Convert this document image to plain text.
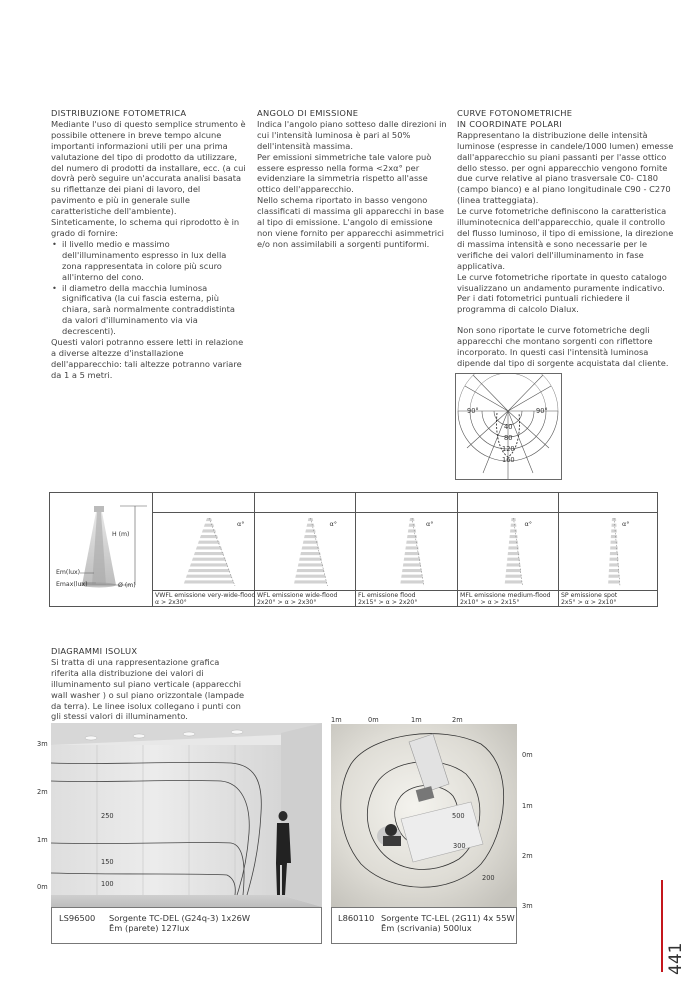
DISTRIBUZIONE FOTOMETRICA

Mediante l'uso di questo semplice strumento è possibile ottenere in breve tempo alcune importanti informazioni utili per una prima valutazione del tipo di prodotto da utilizzare, del numero di prodotti da installare, ecc. (a cui dovrà però seguire un'accurata analisi basata su riflettanze dei piani di lavoro, del pavimento e più in generale sulle caratteristiche dell'ambiente).

Sinteticamente, lo schema qui riprodotto è in grado di fornire:

• il livello medio e massimo dell'illuminamento espresso in lux della zona rappresentata in colore più scuro all'interno del cono.
• il diametro della macchia luminosa significativa (la cui fascia esterna, più chiara, sarà normalmente contraddistinta da valori d'illuminamento via via decrescenti).

Questi valori potranno essere letti in relazione a diverse altezze d'installazione dell'apparecchio: tali altezze potranno variare da 1 a 5 metri.

ANGOLO DI EMISSIONE

Indica l'angolo piano sotteso dalle direzioni in cui l'intensità luminosa è pari al 50% dell'intensità massima.

Per emissioni simmetriche tale valore può essere espresso nella forma <2xα° per evidenziare la simmetria rispetto all'asse ottico dell'apparecchio.

Nello schema riportato in basso vengono classificati di massima gli apparecchi in base al tipo di emissione. L'angolo di emissione non viene fornito per apparecchi asimmetrici e/o non assimilabili a sorgenti puntiformi.

CURVE FOTONOMETRICHE
IN COORDINATE POLARI

Rappresentano la distribuzione delle intensità luminose (espresse in candele/1000 lumen) emesse dall'apparecchio su piani passanti per l'asse ottico dello stesso. per ogni apparecchio vengono fornite due curve relative al piano trasversale C0- C180 (campo bianco) e al piano longitudinale C90 - C270 (linea tratteggiata).

Le curve fotometriche definiscono la caratteristica illuminotecnica dell'apparecchio, quale il controllo del flusso luminoso, il tipo di emissione, la direzione di massima intensità e sono necessarie per le verifiche dei valori dell'illuminamento in fase applicativa.

Le curve fotometriche riportate in questo catalogo visualizzano un andamento puramente indicativo. Per i dati fotometrici puntuali richiedere il programma di calcolo Dialux.

Non sono riportate le curve fotometriche degli apparecchi che montano sorgenti con riflettore incorporato. In questi casi l'intensità luminosa dipende dal tipo di sorgente acquistata dal cliente.

90°	90°
40
80
120
160
H (m)
Em(lux)
Emax(lux)	Ø (m)
α°	α°	α°	α°	α°
VWFL emissione very-wide-flood
α > 2x30°
WFL emissione wide-flood
2x20° > α > 2x30°
FL emissione flood
2x15° > α > 2x20°
MFL emissione medium-flood
2x10° > α > 2x15°
SP emissione spot
2x5° > α > 2x10°
DIAGRAMMI ISOLUX

Si tratta di una rappresentazione grafica riferita alla distribuzione dei valori di illuminamento sul piano verticale (apparecchi wall washer ) o sul piano orizzontale (lampade da terra). Le linee isolux collegano i punti con gli stessi valori di illuminamento.

3m
2m
1m
0m
250
150
100
LS96500 Sorgente TC-DEL (G24q-3) 1x26W
Ēm (parete) 127lux
1m	0m	1m	2m
0m
1m
2m
3m
500
300
200
L860110 Sorgente TC-LEL (2G11) 4x 55W
Ēm (scrivania) 500lux
441
